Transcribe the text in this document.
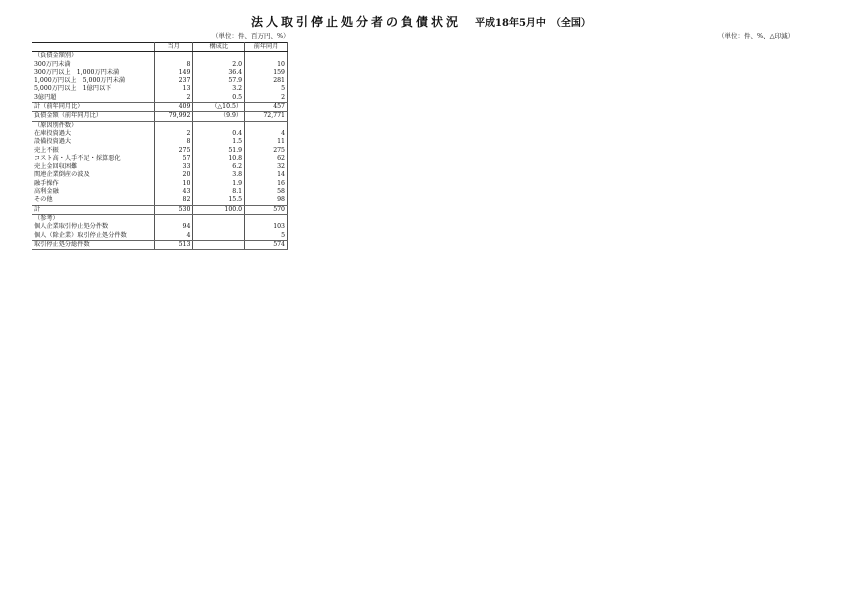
法人取引停止処分者の負債状況 平成18年5月中　（全国）
（単位：件、百万円、%）	（単位：件、%、△印減）
	当月	構成比	前年同月
（負債金額別）			
300万円未満	8	2.0	10
300万円以上　1,000万円未満	149	36.4	159
1,000万円以上　5,000万円未満	237	57.9	281
5,000万円以上　1億円以下	13	3.2	5
3億円超	2	0.5	2
計（前年同月比）	409	（△10.5）	457
負債金額（前年同月比）	79,992	（9.9）	72,771
（原因別件数）			
在庫投資過大	2	0.4	4
設備投資過大	8	1.5	11
売上不振	275	51.9	275
コスト高・人手不足・採算悪化	57	10.8	62
売上金回収困難	33	6.2	32
関連企業倒産の波及	20	3.8	14
融手操作	10	1.9	16
高利金融	43	8.1	58
その他	82	15.5	98
計	530	100.0	570
（参考）			
個人企業取引停止処分件数	94		103
個人（除企業）取引停止処分件数	4		5
取引停止処分総件数	513		574
